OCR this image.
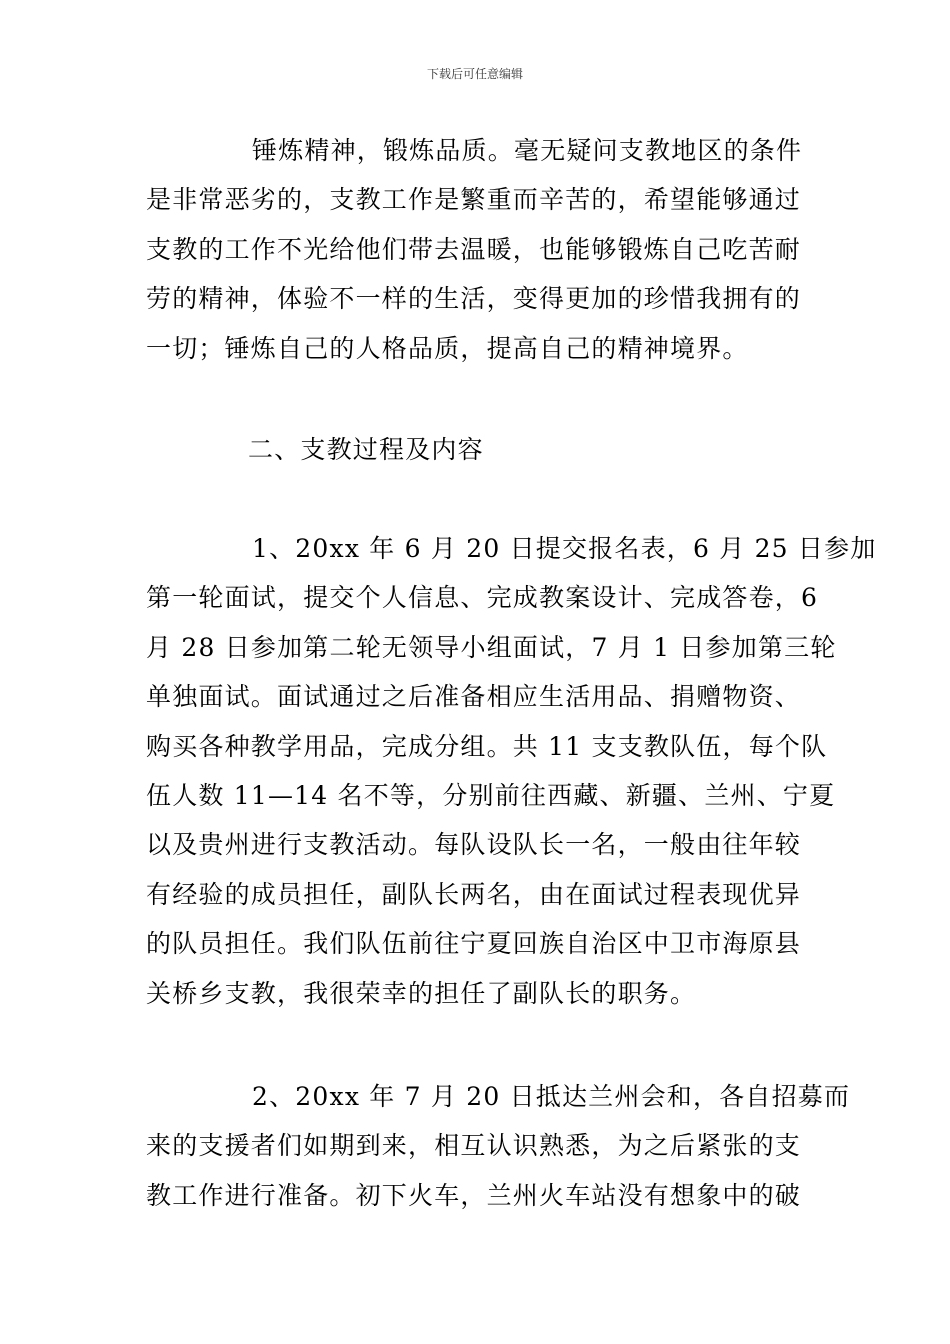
下载后可任意编辑
锤炼精神，锻炼品质。毫无疑问支教地区的条件
是非常恶劣的，支教工作是繁重而辛苦的，希望能够通过
支教的工作不光给他们带去温暖，也能够锻炼自己吃苦耐
劳的精神，体验不一样的生活，变得更加的珍惜我拥有的
一切；锤炼自己的人格品质，提高自己的精神境界。
二、支教过程及内容
1、20xx 年 6 月 20 日提交报名表，6 月 25 日参加
第一轮面试，提交个人信息、完成教案设计、完成答卷，6
月 28 日参加第二轮无领导小组面试，7 月 1 日参加第三轮
单独面试。面试通过之后准备相应生活用品、捐赠物资、
购买各种教学用品，完成分组。共 11 支支教队伍，每个队
伍人数 11—14 名不等，分别前往西藏、新疆、兰州、宁夏
以及贵州进行支教活动。每队设队长一名，一般由往年较
有经验的成员担任，副队长两名，由在面试过程表现优异
的队员担任。我们队伍前往宁夏回族自治区中卫市海原县
关桥乡支教，我很荣幸的担任了副队长的职务。
2、20xx 年 7 月 20 日抵达兰州会和，各自招募而
来的支援者们如期到来，相互认识熟悉，为之后紧张的支
教工作进行准备。初下火车，兰州火车站没有想象中的破
